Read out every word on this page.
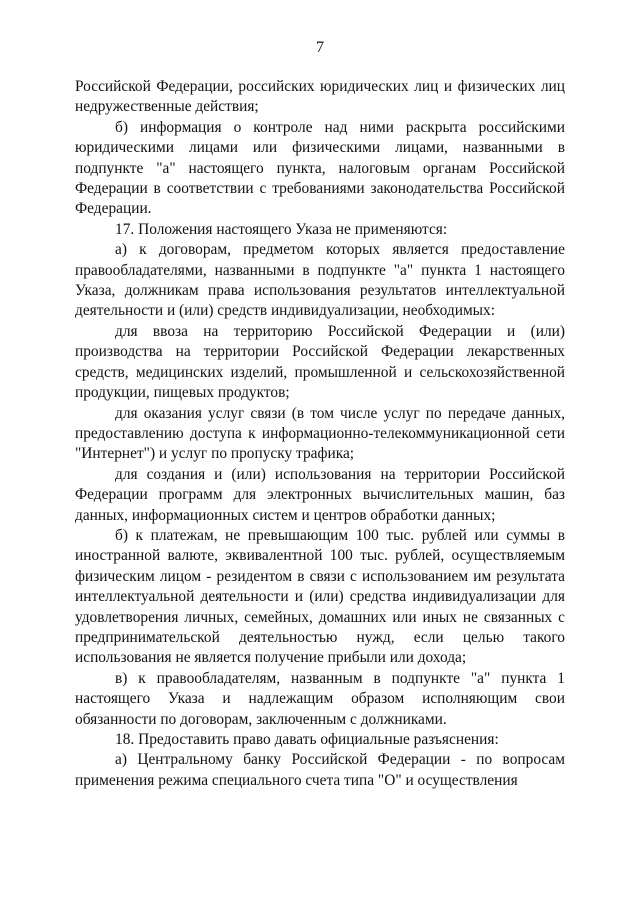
7

Российской Федерации, российских юридических лиц и физических лиц недружественные действия;

б) информация о контроле над ними раскрыта российскими юридическими лицами или физическими лицами, названными в подпункте "а" настоящего пункта, налоговым органам Российской Федерации в соответствии с требованиями законодательства Российской Федерации.

17. Положения настоящего Указа не применяются:

а) к договорам, предметом которых является предоставление правообладателями, названными в подпункте "а" пункта 1 настоящего Указа, должникам права использования результатов интеллектуальной деятельности и (или) средств индивидуализации, необходимых:

для ввоза на территорию Российской Федерации и (или) производства на территории Российской Федерации лекарственных средств, медицинских изделий, промышленной и сельскохозяйственной продукции, пищевых продуктов;

для оказания услуг связи (в том числе услуг по передаче данных, предоставлению доступа к информационно-телекоммуникационной сети "Интернет") и услуг по пропуску трафика;

для создания и (или) использования на территории Российской Федерации программ для электронных вычислительных машин, баз данных, информационных систем и центров обработки данных;

б) к платежам, не превышающим 100 тыс. рублей или суммы в иностранной валюте, эквивалентной 100 тыс. рублей, осуществляемым физическим лицом - резидентом в связи с использованием им результата интеллектуальной деятельности и (или) средства индивидуализации для удовлетворения личных, семейных, домашних или иных не связанных с предпринимательской деятельностью нужд, если целью такого использования не является получение прибыли или дохода;

в) к правообладателям, названным в подпункте "а" пункта 1 настоящего Указа и надлежащим образом исполняющим свои обязанности по договорам, заключенным с должниками.

18. Предоставить право давать официальные разъяснения:

а) Центральному банку Российской Федерации - по вопросам применения режима специального счета типа "О" и осуществления
